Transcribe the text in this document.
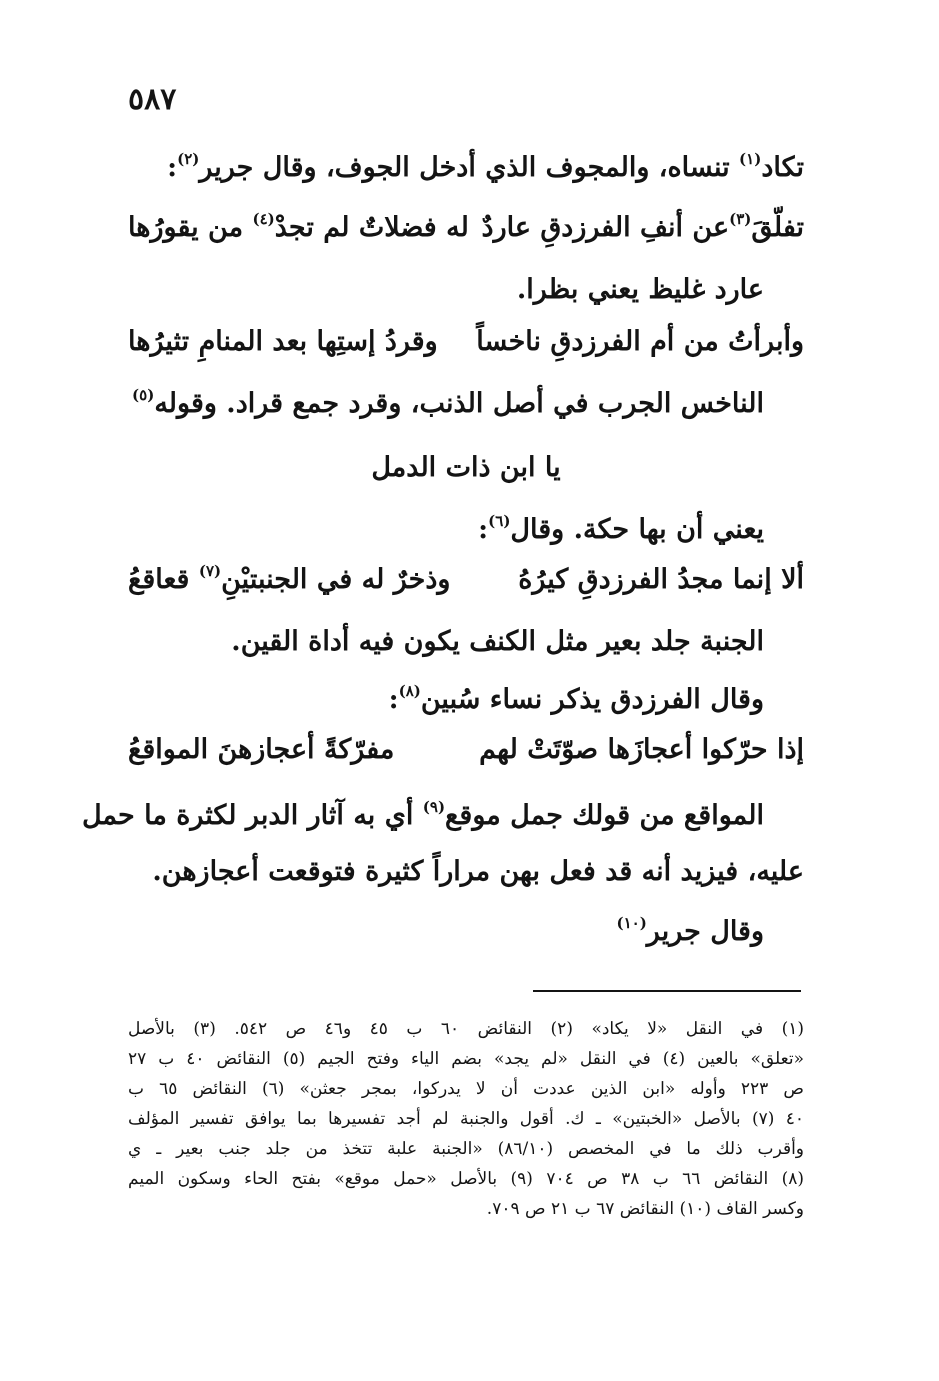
٥٨٧
تكاد$^{(١)}$ تنساه، والمجوف الذي أدخل الجوف، وقال جرير$^{(٢)}$:
تفلّقَ$^{(٣)}$عن أنفِ الفرزدقِ عاردٌ
له فضلاتٌ لم تجدْ$^{(٤)}$ من يقورُها
عارد غليظ يعني بظرا.
وأبرأتُ من أم الفرزدقِ ناخساً
وقردُ إستِها بعد المنامِ تثيرُها
الناخس الجرب في أصل الذنب، وقرد جمع قراد. وقوله$^{(٥)}$
يا ابن ذات الدمل
يعني أن بها حكة. وقال$^{(٦)}$:
ألا إنما مجدُ الفرزدقِ كيرُهُ
وذخرٌ له في الجنبتيْنِ$^{(٧)}$ قعاقعُ
الجنبة جلد بعير مثل الكنف يكون فيه أداة القين.
وقال الفرزدق يذكر نساء سُبين$^{(٨)}$:
إذا حرّكوا أعجازَها صوّتَتْ لهم
مفرّكةً أعجازهنَ المواقعُ
المواقع من قولك جمل موقع$^{(٩)}$ أي به آثار الدبر لكثرة ما حمل
عليه، فيزيد أنه قد فعل بهن مراراً كثيرة فتوقعت أعجازهن.
وقال جرير$^{(١٠)}$
(١) في النقل «لا يكاد» (٢) النقائض ٦٠ ب ٤٥ و٤٦ ص ٥٤٢. (٣) بالأصل
«تعلق» بالعين (٤) في النقل «لم يجد» بضم الياء وفتح الجيم (٥) النقائض ٤٠ ب ٢٧
ص ٢٢٣ وأوله «ابن الذين عددت أن لا يدركوا، بمجر جعثن» (٦) النقائض ٦٥ ب
٤٠ (٧) بالأصل «الخبتين» ـ ك. أقول والجنبة لم أجد تفسيرها بما يوافق تفسير المؤلف
وأقرب ذلك ما في المخصص (٨٦/١٠) «الجنبة علبة تتخذ من جلد جنب بعير ـ ي
(٨) النقائض ٦٦ ب ٣٨ ص ٧٠٤ (٩) بالأصل «حمل موقع» بفتح الحاء وسكون الميم
وكسر القاف (١٠) النقائض ٦٧ ب ٢١ ص ٧٠٩.
